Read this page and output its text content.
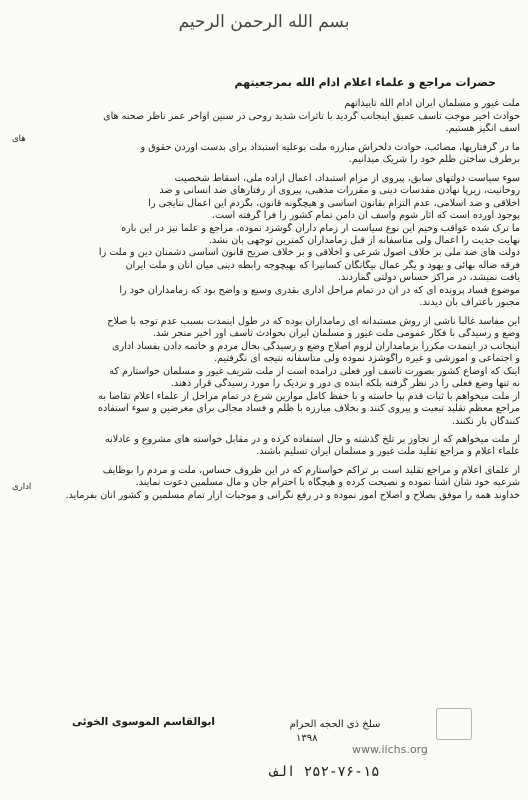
بسم الله الرحمن الرحیم
حضرات مراجع و علماء اعلام ادام الله بمرجعیتهم
ملت غیور و مسلمان ایران ادام الله تاییداتهم
حوادث اخیر موجب تاسف عمیق اینجانب گردید با تاثرات شدید روحی در سنین اواخر عمر ناظر صحنه های
اسف انگیز هستیم.
ما در گرفتاریها، مصائب، حوادث دلخراش مبارزه ملت بوعلیه استبداد برای بدست آوردن حقوق و
برطرف ساختن ظلم خود را شریک میدانیم.
سوء سیاست دولتهای سابق، پیروی از مرام استبداد، اعمال اراده ملی، اسقاط شخصیت
روحانیت، زیرپا نهادن مقدسات دینی و مقررات مذهبی، پیروی از رفتارهای ضد انسانی و ضد
اخلاقی و ضد اسلامی، عدم التزام بقانون اساسی و هیچگونه قانون، بگردم این اعمال نتایجی را
بوجود آورده است که آثار شوم واسف آن دامن تمام کشور را فرا گرفته است.
ما ترک شده عواقب وخیم این نوع سیاست ار زمام داران گوشزد نموده، مراجع و علما نیز در این باره
نهایت جدیت را اعمال ولی متاسفانه از قبل زمامداران کمترین توجهی بآن نشد.
دولت های ضد ملی بر خلاف اصول شرعی و اخلاقی و بر خلاف صریح قانون اساسی دشمنان دین و ملت را
فرقه ضاله بهائی و یهود و یگر عمال بیگانگان کسانیرا که بهیچوجه رابطه دینی میان آنان و ملت ایران
یافت نمیشد، در مراکز حساس دولتی گماردند.
موضوع فساد پرونده ای که در آن در تمام مراحل اداری بقدری وسیع و واضح بود که زمامداران خود را
مجبور باعتراف بآن دیدند.
این مفاسد غالباً ناشی از روش مستبدانه ای زمامداران بوده که در طول اینمدت بسبب عدم توجه با صلاح
وضع و رسیدگی با فکار عمومی ملت غیور و مسلمان ایران بحوادث تاسف آور اخیر منجر شد.
اینجانب در اینمدت مکرراً بزمامداران لزوم اصلاح وضع و رسیدگی بحال مردم و خاتمه دادن بفساد اداری
و اجتماعی و آموزشی و غیره راگوشزد نموده ولی متاسفانه نتیجه ای نگرفتیم.
اینک که اوضاع کشور بصورت تاسف آور فعلی درآمده است از ملت شریف غیور و مسلمان خواستارم که
نه تنها وضع فعلی را در نظر گرفته بلکه آینده ی دور و نزدیک را مورد رسیدگی قرار دهند.
از ملت میخواهم با ثبات قدم بپا خاسته و با حفظ کامل موازین شرع در تمام مراحل از علماء اعلام تقاضا به
مراجع معظم تقلید تبعیت و پیروی کنند و بخلاف مبارزه با ظلم و فساد مجالی برای مغرضین و سوء استفاده
کنندگان باز نکنند.
از ملت میخواهم که از تجاوز بر تلخ گذشته و حال استفاده کرده و در مقابل خواسته های مشروع و عادلانه
علماء اعلام و مراجع تقلید ملت غیور و مسلمان ایران تسلیم باشند.
از علمای اعلام و مراجع تقلید است بر تراکم خواستارم که در این ظروف حساس، ملت و مردم را بوظایف
شرعیه خود شان آشنا نموده و نصیحت کرده و هیچگاه با احترام جان و مال مسلمین دعوت نمایند.
خداوند همه را موفق بصلاح و اصلاح امور نموده و در رفع نگرانی و موجبات آزار تمام مسلمین و کشور آنان بفرماید.
های
اداری
سلخ ذی الحجه الحرام
۱۳۹۸
ابوالقاسم الموسوی الخوئی
www.iichs.org
۲۵۲-۷۶-۱۵ الف
